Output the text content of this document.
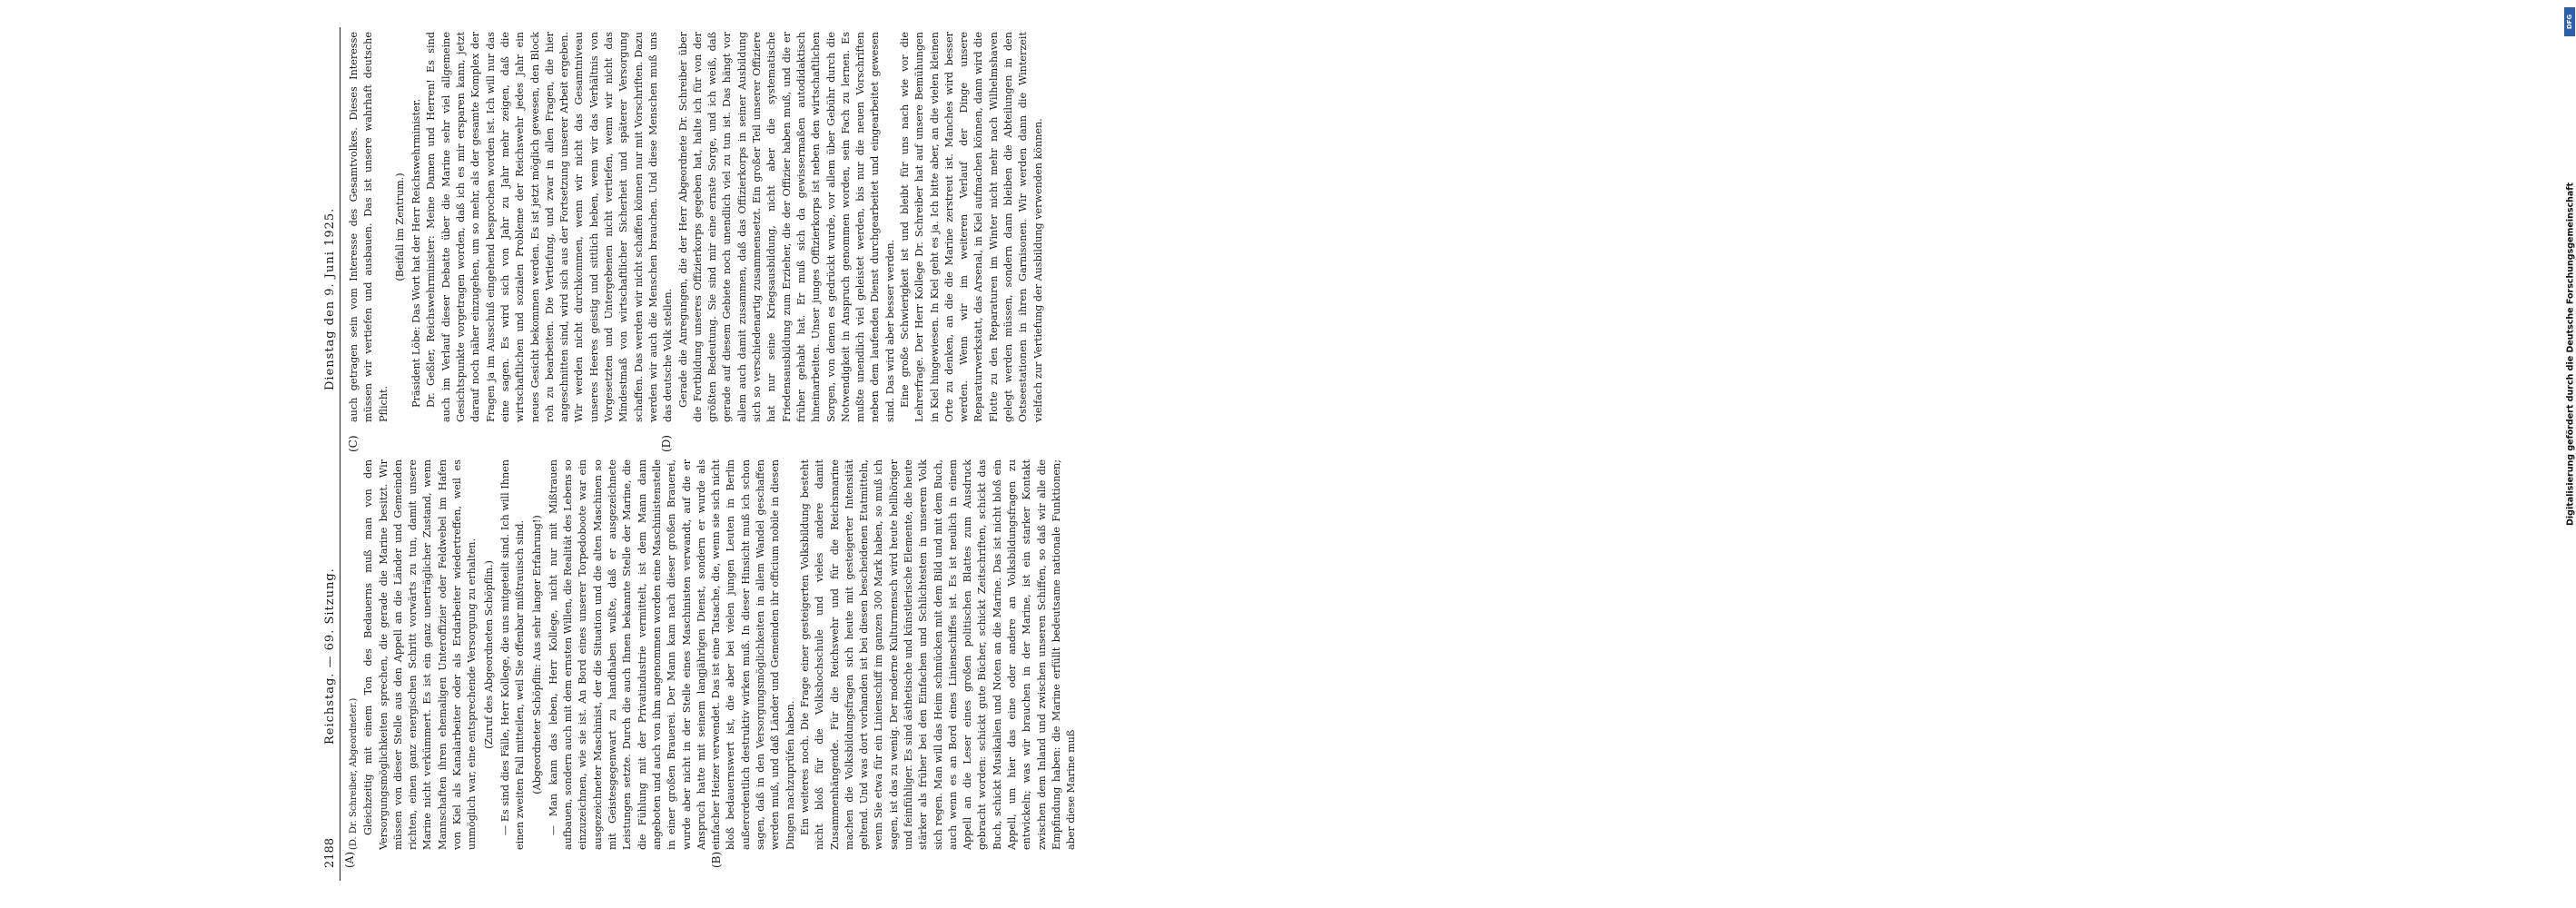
2188
Reichstag. — 69. Sitzung.
Dienstag den 9. Juni 1925.
(A)	(B)
(C)	(D)

(D. Dr. Schreiber, Abgeordneter.) Gleichzeitig mit einem Ton des Bedauerns muß man von den Versorgungsmöglichkeiten sprechen, die gerade die Marine besitzt. Wir müssen von dieser Stelle aus den Appell an die Länder und Gemeinden richten, einen ganz energischen Schritt vorwärts zu tun, damit unsere Marine nicht verkümmert. Es ist ein ganz unerträglicher Zustand, wenn Mannschaften ihren ehemaligen Unteroffizier oder Feldwebel im Hafen von Kiel als Kanalarbeiter oder als Erdarbeiter wiedertreffen, weil es unmöglich war, eine entsprechende Versorgung zu erhalten. (Zuruf des Abgeordneten Schöpflin.) — Es sind dies Fälle, Herr Kollege, die uns mitgeteilt sind. Ich will Ihnen einen zweiten Fall mitteilen, weil Sie offenbar mißtrauisch sind. (Abgeordneter Schöpflin: Aus sehr langer Erfahrung!) — Man kann das leben, Herr Kollege, nicht nur mit Mißtrauen aufbauen, sondern auch mit dem ernsten Willen, die Realität des Lebens so einzuzeichnen, wie sie ist. An Bord eines unserer Torpedoboote war ein ausgezeichneter Maschinist, der die Situation und die alten Maschinen so mit Geistesgegenwart zu handhaben wußte, daß er ausgezeichnete Leistungen setzte. Durch die auch Ihnen bekannte Stelle der Marine, die die Fühlung mit der Privatindustrie vermittelt, ist dem Mann dann angeboten und auch von ihm angenommen worden eine Maschinistenstelle in einer großen Brauerei. Der Mann kam nach dieser großen Brauerei, wurde aber nicht in der Stelle eines Maschinisten verwandt, auf die er Anspruch hatte mit seinem langjährigen Dienst, sondern er wurde als einfacher Heizer verwendet. Das ist eine Tatsache, die, wenn sie sich nicht bloß bedauernswert ist, die aber bei vielen jungen Leuten in Berlin außerordentlich destruktiv wirken muß. In dieser Hinsicht muß ich schon sagen, daß in den Versorgungsmöglichkeiten in allem Wandel geschaffen werden muß, und daß Länder und Gemeinden ihr officium nobile in diesen Dingen nachzuprüfen haben. Ein weiteres noch. Die Frage einer gesteigerten Volksbildung besteht nicht bloß für die Volkshochschule und vieles andere damit Zusammenhängende. Für die Reichswehr und für die Reichsmarine machen die Volksbildungsfragen sich heute mit gesteigerter Intensität geltend. Und was dort vorhanden ist bei diesen bescheidenen Etatmitteln, wenn Sie etwa für ein Linienschiff im ganzen 300 Mark haben, so muß ich sagen, ist das zu wenig. Der moderne Kulturmensch wird heute hellhöriger und feinfühliger. Es sind ästhetische und künstlerische Elemente, die heute stärker als früher bei den Einfachen und Schlichtesten in unserem Volk sich regen. Man will das Heim schmücken mit dem Bild und mit dem Buch, auch wenn es an Bord eines Linienschiffes ist. Es ist neulich in einem Appell an die Leser eines großen politischen Blattes zum Ausdruck gebracht worden: schickt gute Bücher, schickt Zeitschriften, schickt das Buch, schickt Musikalien und Noten an die Marine. Das ist nicht bloß ein Appell, um hier das eine oder andere an Volksbildungsfragen zu entwickeln; was wir brauchen in der Marine, ist ein starker Kontakt zwischen dem Inland und zwischen unseren Schiffen, so daß wir alle die Empfindung haben: die Marine erfüllt bedeutsame nationale Funktionen; aber diese Marine muß

auch getragen sein vom Interesse des Gesamtvolkes. Dieses Interesse müssen wir vertiefen und ausbauen. Das ist unsere wahrhaft deutsche Pflicht.

(Beifall im Zentrum.) Präsident Löbe: Das Wort hat der Herr Reichswehrminister. Dr. Geßler, Reichswehrminister: Meine Damen und Herren! Es sind auch im Verlauf dieser Debatte über die Marine sehr viel allgemeine Gesichtspunkte vorgetragen worden, daß ich es mir ersparen kann, jetzt darauf noch näher einzugehen, um so mehr, als der gesamte Komplex der Fragen ja im Ausschuß eingehend besprochen worden ist. Ich will nur das eine sagen. Es wird sich von Jahr zu Jahr mehr zeigen, daß die wirtschaftlichen und sozialen Probleme der Reichswehr jedes Jahr ein neues Gesicht bekommen werden. Es ist jetzt möglich gewesen, den Block roh zu bearbeiten. Die Vertiefung, und zwar in allen Fragen, die hier angeschnitten sind, wird sich aus der Fortsetzung unserer Arbeit ergeben. Wir werden nicht durchkommen, wenn wir nicht das Gesamtniveau unseres Heeres geistig und sittlich heben, wenn wir das Verhältnis von Vorgesetzten und Untergebenen nicht vertiefen, wenn wir nicht das Mindestmaß von wirtschaftlicher Sicherheit und späterer Versorgung schaffen. Das werden wir nicht schaffen können nur mit Vorschriften. Dazu werden wir auch die Menschen brauchen. Und diese Menschen muß uns das deutsche Volk stellen. Gerade die Anregungen, die der Herr Abgeordnete Dr. Schreiber über die Fortbildung unseres Offizierkorps gegeben hat, halte ich für von der größten Bedeutung. Sie sind mir eine ernste Sorge, und ich weiß, daß gerade auf diesem Gebiete noch unendlich viel zu tun ist. Das hängt vor allem auch damit zusammen, daß das Offizierkorps in seiner Ausbildung sich so verschiedenartig zusammensetzt. Ein großer Teil unserer Offiziere hat nur seine Kriegsausbildung, nicht aber die systematische Friedensausbildung zum Erzieher, die der Offizier haben muß, und die er früher gehabt hat. Er muß sich da gewissermaßen autodidaktisch hineinarbeiten. Unser junges Offizierkorps ist neben den wirtschaftlichen Sorgen, von denen es gedrückt wurde, vor allem über Gebühr durch die Notwendigkeit in Anspruch genommen worden, sein Fach zu lernen. Es mußte unendlich viel geleistet werden, bis nur die neuen Vorschriften neben dem laufenden Dienst durchgearbeitet und eingearbeitet gewesen sind. Das wird aber besser werden. Eine große Schwierigkeit ist und bleibt für uns nach wie vor die Lehrerfrage. Der Herr Kollege Dr. Schreiber hat auf unsere Bemühungen in Kiel hingewiesen. In Kiel geht es ja. Ich bitte aber, an die vielen kleinen Orte zu denken, an die die Marine zerstreut ist. Manches wird besser werden. Wenn wir im weiteren Verlauf der Dinge unsere Reparaturwerkstatt, das Arsenal, in Kiel aufmachen können, dann wird die Flotte zu den Reparaturen im Winter nicht mehr nach Wilhelmshaven gelegt werden müssen, sondern dann bleiben die Abteilungen in den Ostseestationen in ihren Garnisonen. Wir werden dann die Winterzeit vielfach zur Vertiefung der Ausbildung verwenden können.

DFG
Digitalisierung gefördert durch die Deutsche Forschungsgemeinschaft
